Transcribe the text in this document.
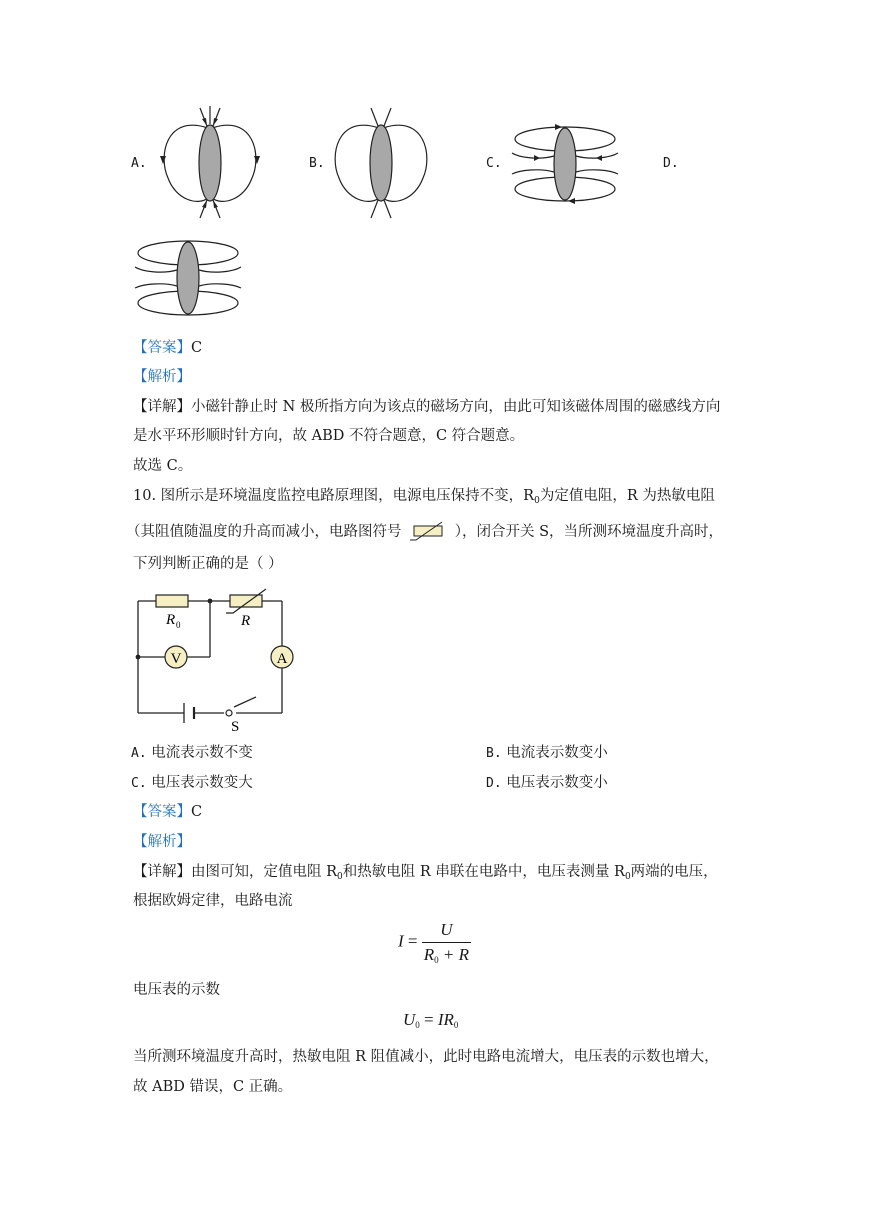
A.	B.	C.	D.
【答案】C
【解析】
【详解】小磁针静止时 N 极所指方向为该点的磁场方向，由此可知该磁体周围的磁感线方向
是水平环形顺时针方向，故 ABD 不符合题意，C 符合题意。
故选 C。
10. 图所示是环境温度监控电路原理图，电源电压保持不变，$R_0$为定值电阻，R 为热敏电阻
（其阻值随温度的升高而减小，电路图符号	），闭合开关 S，当所测环境温度升高时，
下列判断正确的是（ ）
V	A
R 0	R
S
A. 电流表示数不变	B. 电流表示数变小
C. 电压表示数变大	D. 电压表示数变小
【答案】C
【解析】
【详解】由图可知，定值电阻 $R_0$和热敏电阻 R 串联在电路中，电压表测量 $R_0$两端的电压，
根据欧姆定律，电路电流
$I = \frac{U}{R_0 + R}$
电压表的示数
$U_0 = IR_0$
当所测环境温度升高时，热敏电阻 R 阻值减小，此时电路电流增大，电压表的示数也增大，
故 ABD 错误，C 正确。
